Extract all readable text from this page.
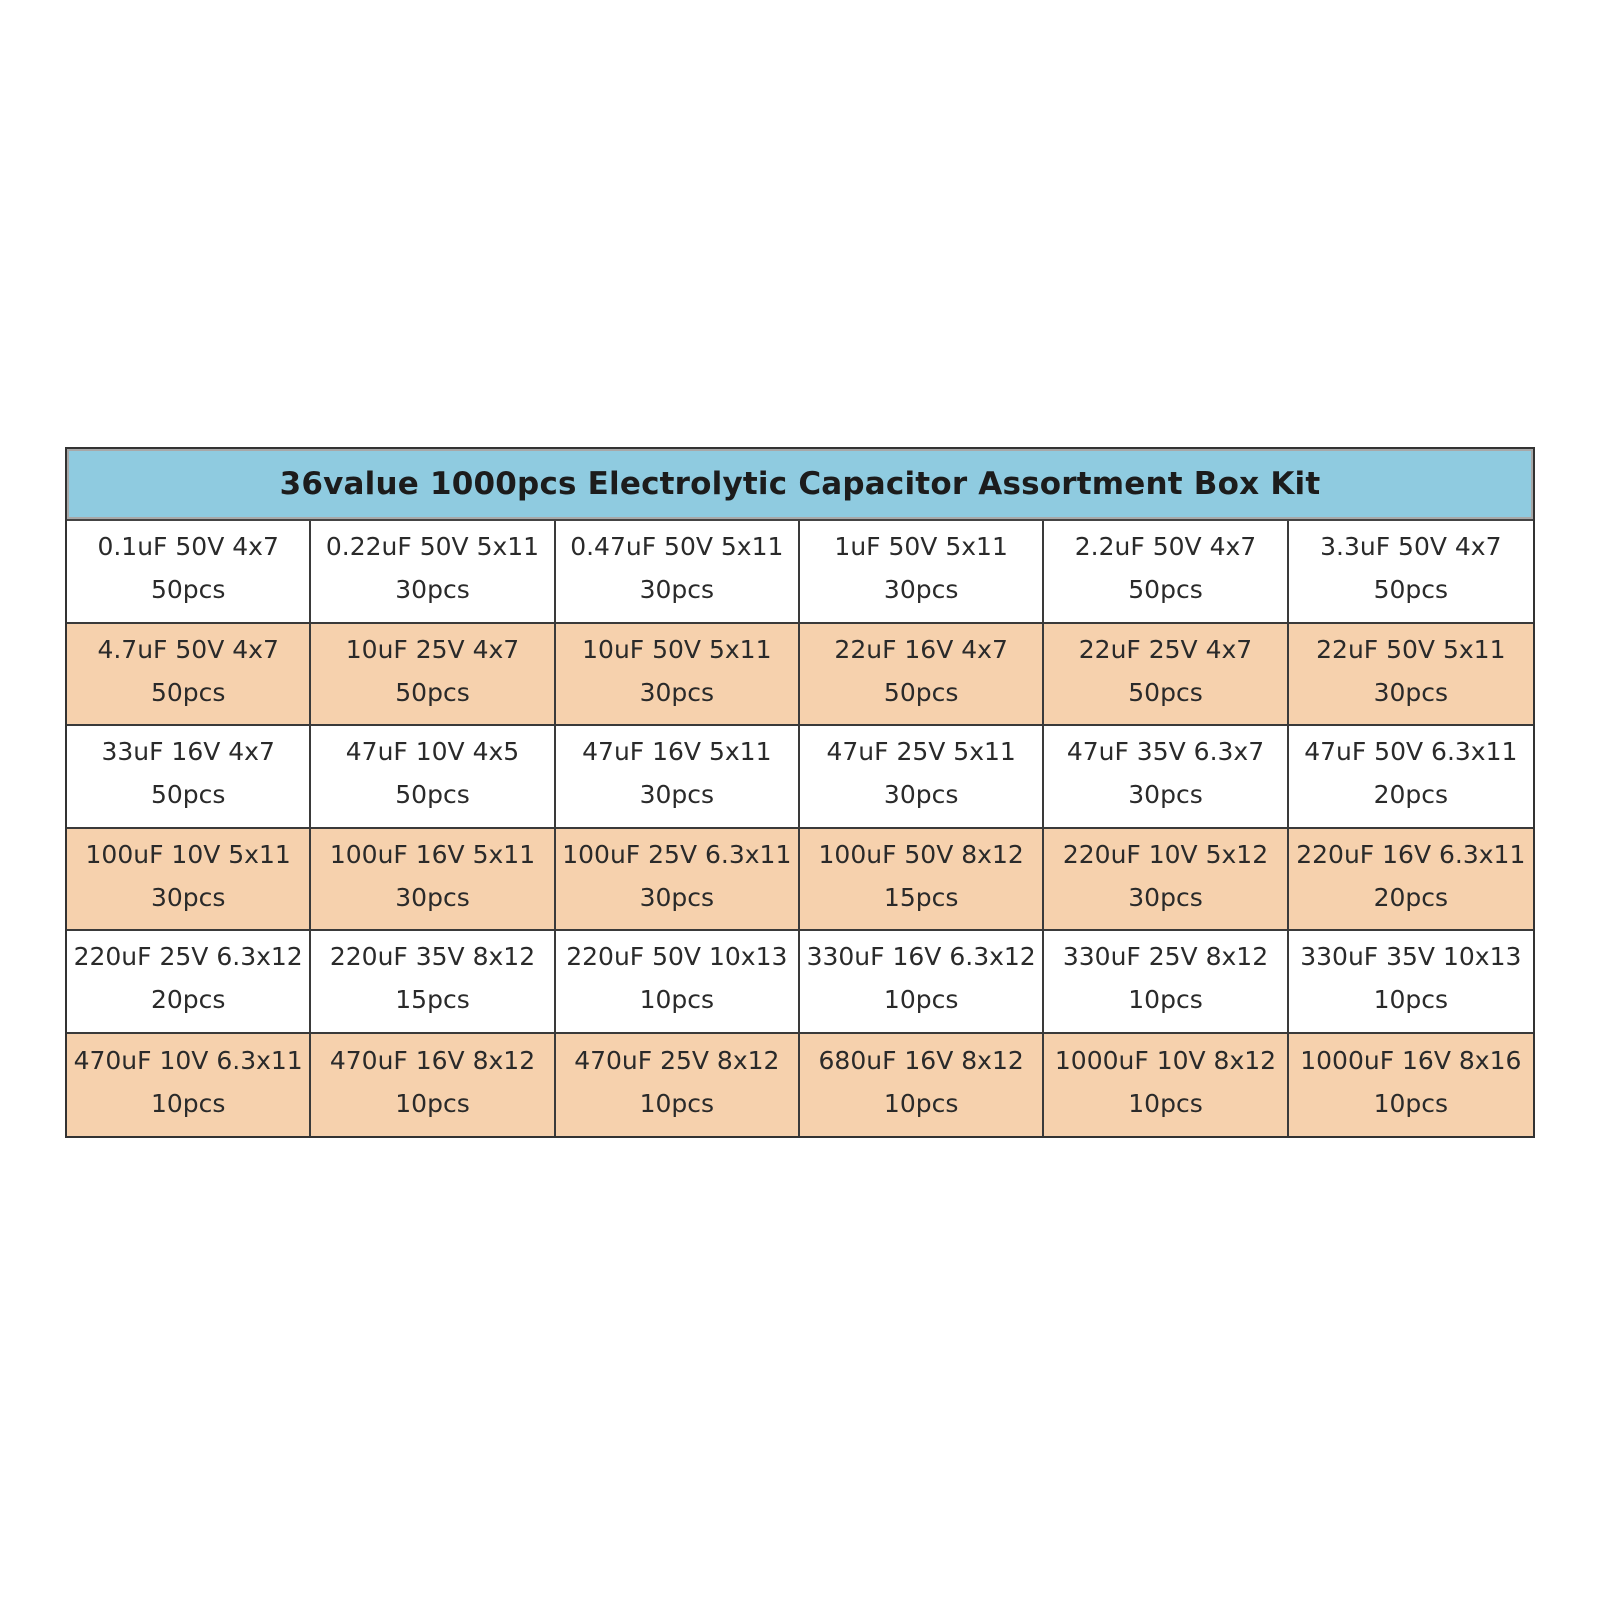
36value 1000pcs Electrolytic Capacitor Assortment Box Kit
0.1uF 50V 4x7
50pcs
0.22uF 50V 5x11
30pcs
0.47uF 50V 5x11
30pcs
1uF 50V 5x11
30pcs
2.2uF 50V 4x7
50pcs
3.3uF 50V 4x7
50pcs
4.7uF 50V 4x7
50pcs
10uF 25V 4x7
50pcs
10uF 50V 5x11
30pcs
22uF 16V 4x7
50pcs
22uF 25V 4x7
50pcs
22uF 50V 5x11
30pcs
33uF 16V 4x7
50pcs
47uF 10V 4x5
50pcs
47uF 16V 5x11
30pcs
47uF 25V 5x11
30pcs
47uF 35V 6.3x7
30pcs
47uF 50V 6.3x11
20pcs
100uF 10V 5x11
30pcs
100uF 16V 5x11
30pcs
100uF 25V 6.3x11
30pcs
100uF 50V 8x12
15pcs
220uF 10V 5x12
30pcs
220uF 16V 6.3x11
20pcs
220uF 25V 6.3x12
20pcs
220uF 35V 8x12
15pcs
220uF 50V 10x13
10pcs
330uF 16V 6.3x12
10pcs
330uF 25V 8x12
10pcs
330uF 35V 10x13
10pcs
470uF 10V 6.3x11
10pcs
470uF 16V 8x12
10pcs
470uF 25V 8x12
10pcs
680uF 16V 8x12
10pcs
1000uF 10V 8x12
10pcs
1000uF 16V 8x16
10pcs
